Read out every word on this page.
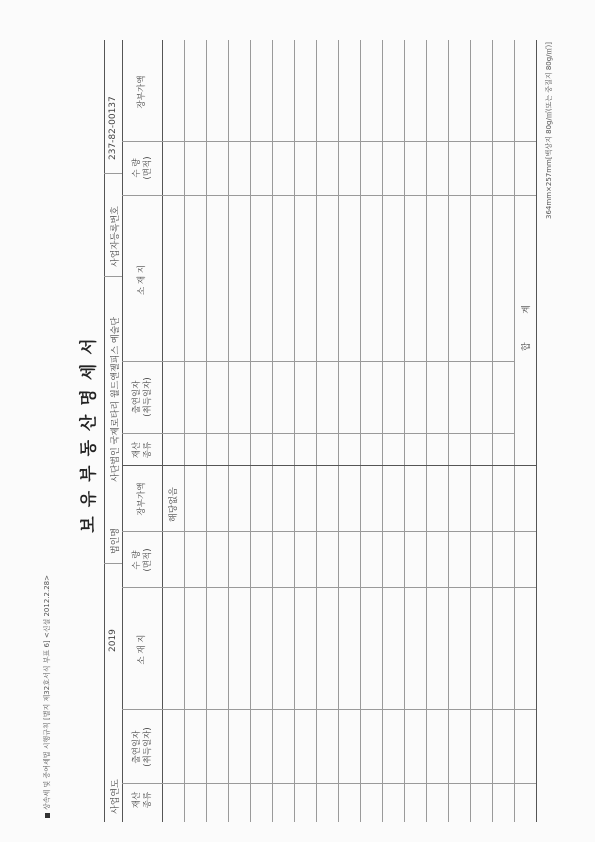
상속세 및 증여세법 시행규칙 [별지 제32호서식 부표 6] <신설 2012.2.28>
보유부동산명세서
사업연도
2019
법인명
사단법인 국제로타리 월드앤젤피스 예술단
사업자등록번호
237-82-00137
재산
종류
출연일자
(취득일자)
소 재 지
수 량
(면적)
장부가액
재산
종류
출연일자
(취득일자)
소 재 지
수 량
(면적)
장부가액
해당없음
합          계
364mm×257mm[백상지 80g/㎡(또는 중질지 80g/㎡)]
